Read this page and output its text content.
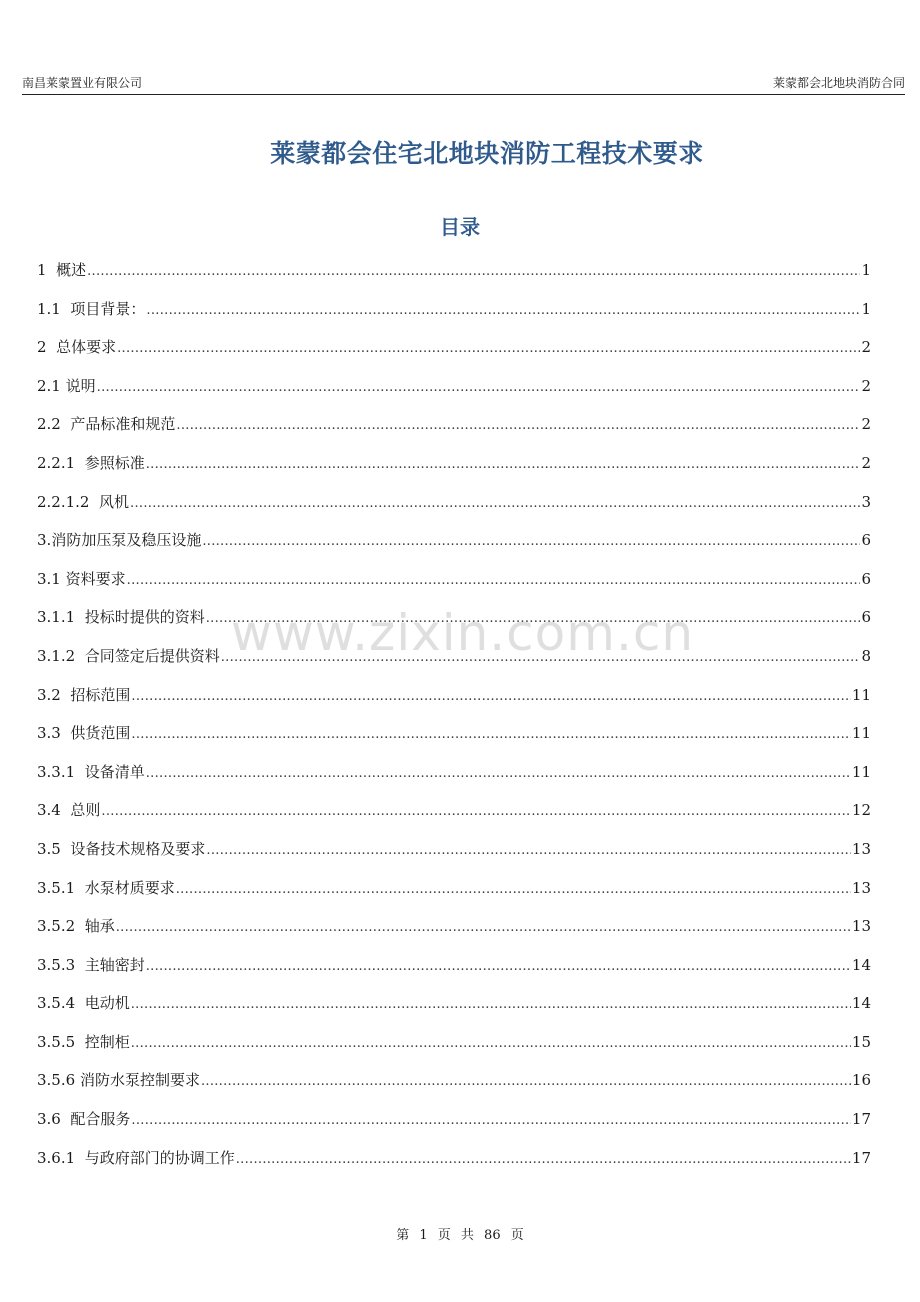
南昌莱蒙置业有限公司	莱蒙都会北地块消防合同
莱蒙都会住宅北地块消防工程技术要求
目录
1 概述 .....	1
1.1 项目背景： .....	1
2 总体要求 .....	2
2.1 说明 .....	2
2.2 产品标准和规范 .....	2
2.2.1 参照标准 .....	2
2.2.1.2 风机 .....	3
3. 消防加压泵及稳压设施 .....	6
3.1 资料要求 .....	6
3.1.1 投标时提供的资料 .....	6
3.1.2 合同签定后提供资料 .....	8
3.2 招标范围 .....	11
3.3 供货范围 .....	11
3.3.1 设备清单 .....	11
3.4 总则 .....	12
3.5 设备技术规格及要求 .....	13
3.5.1 水泵材质要求 .....	13
3.5.2 轴承 .....	13
3.5.3 主轴密封 .....	14
3.5.4 电动机 .....	14
3.5.5 控制柜 .....	15
3.5.6 消防水泵控制要求 .....	16
3.6 配合服务 .....	17
3.6.1 与政府部门的协调工作 .....	17
www.zixin.com.cn
第 1 页 共 86 页
